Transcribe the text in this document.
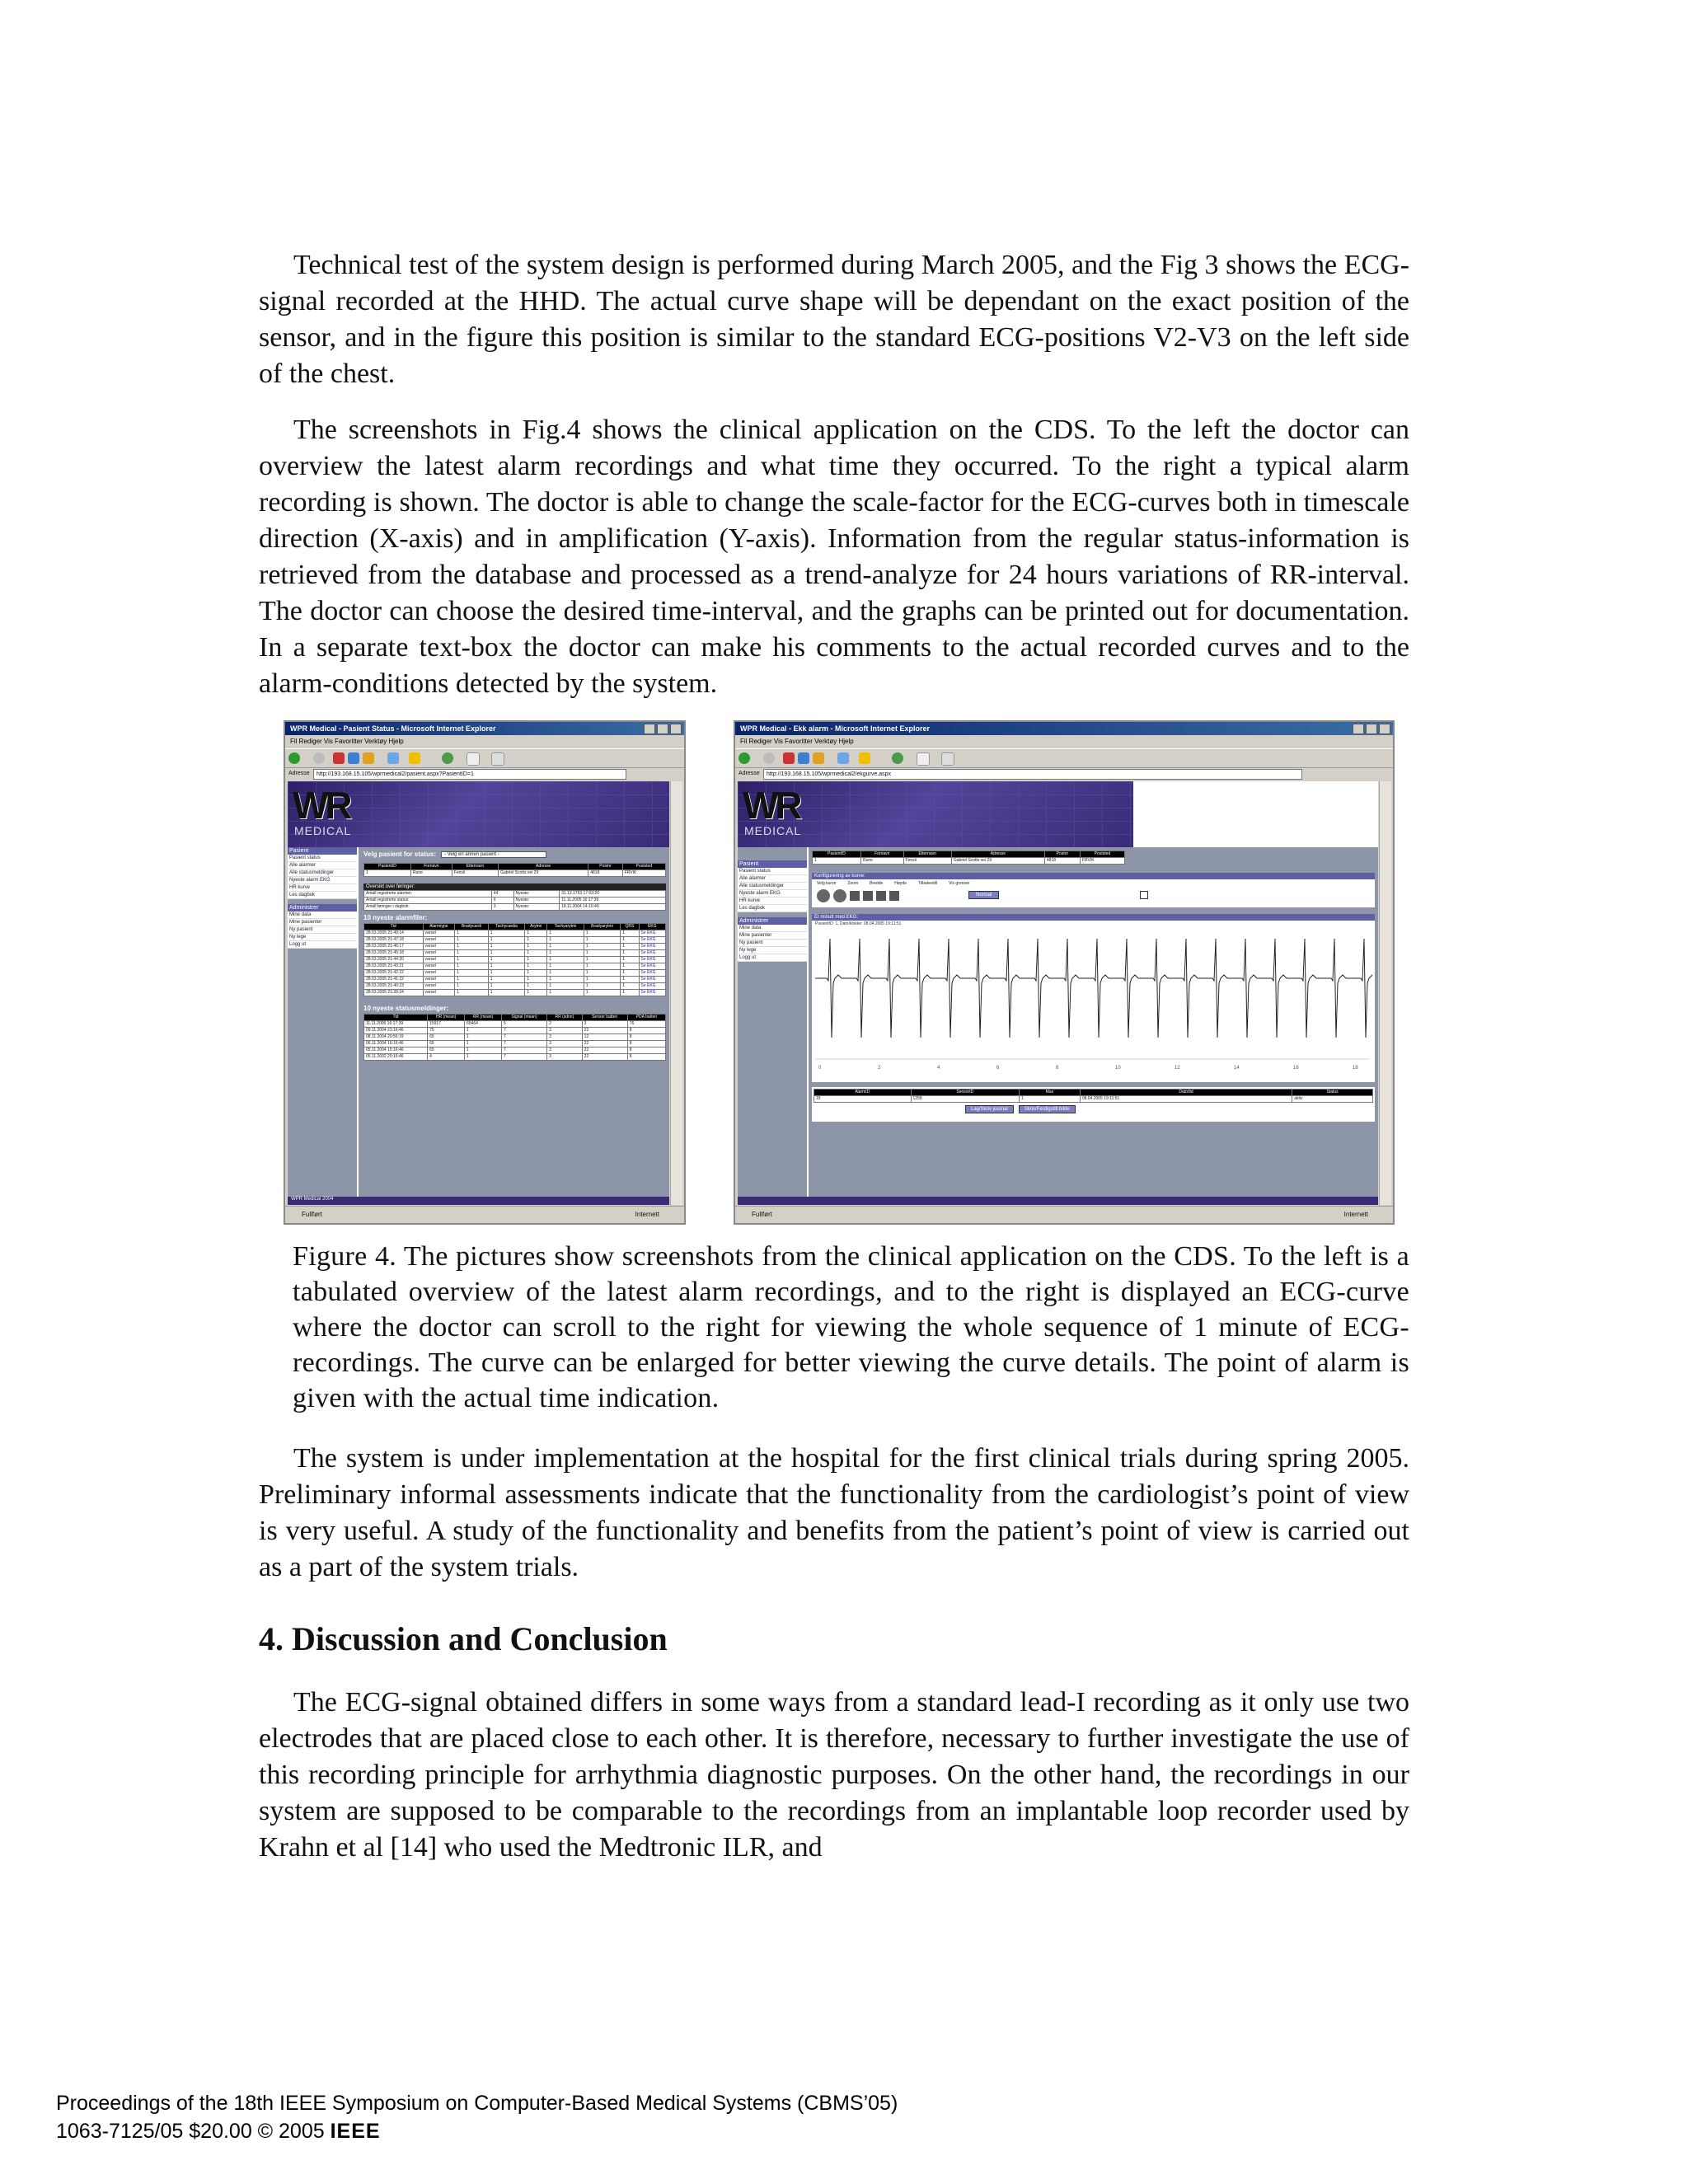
Technical test of the system design is performed during March 2005, and the Fig 3 shows the ECG-signal recorded at the HHD. The actual curve shape will be dependant on the exact position of the sensor, and in the figure this position is similar to the standard ECG-positions V2-V3 on the left side of the chest.

The screenshots in Fig.4 shows the clinical application on the CDS. To the left the doctor can overview the latest alarm recordings and what time they occurred. To the right a typical alarm recording is shown. The doctor is able to change the scale-factor for the ECG-curves both in timescale direction (X-axis) and in amplification (Y-axis). Information from the regular status-information is retrieved from the database and processed as a trend-analyze for 24 hours variations of RR-interval. The doctor can choose the desired time-interval, and the graphs can be printed out for documentation. In a separate text-box the doctor can make his comments to the actual recorded curves and to the alarm-conditions detected by the system.

WPR Medical - Pasient Status - Microsoft Internet Explorer
Fil Rediger Vis Favoritter Verktøy Hjelp
Adresse	http://193.168.15.105/wprmedical2/pasient.aspx?PasientID=1
WR
MEDICAL
Pasient
Pasient status
Alle alarmer
Alle statusmeldinger
Nyeste alarm EKG
HR kurve
Les dagbok
Administrer
Mine data
Mine pasienter
Ny pasient
Ny lege
Logg ut
Velg pasient for status:	- Velg en annen pasient -
PasientID	Fornavn	Etternavn	Adresse	Postnr	Poststed
1	Rune	Fensli	Gabriel Scotts vei 29	4818	FRVIK
Oversikt over føringer:
Antall registrerte alarmer:	44	Nyeste:	31.12.1753 17:03:20
Antall registrerte status:	6	Nyeste:	11.11.2005 16:17:39
Antall føringer i dagbok:	3	Nyeste:	18.11.2004 14:10:46
10 nyeste alarmfiler:
Tid	Alarmtype	Bradycardi	Tachycardia	Arytmi	Tachyarytmi	Bradyarytmi	QRS	EKG
28.03.2005 21:49:14	varsel	1	1	1	1	1	1	Se EKG
28.03.2005 21:47:18	varsel	1	1	1	1	1	1	Se EKG
28.03.2005 21:46:17	varsel	1	1	1	1	1	1	Se EKG
28.03.2005 21:45:18	varsel	1	1	1	1	1	1	Se EKG
28.03.2005 21:44:20	varsel	1	1	1	1	1	1	Se EKG
28.03.2005 21:43:21	varsel	1	1	1	1	1	1	Se EKG
28.03.2005 21:42:22	varsel	1	1	1	1	1	1	Se EKG
28.03.2005 21:41:22	varsel	1	1	1	1	1	1	Se EKG
28.03.2005 21:40:23	varsel	1	1	1	1	1	1	Se EKG
28.03.2005 21:39:24	varsel	1	1	1	1	1	1	Se EKG
10 nyeste statusmeldinger:
Tid	HR (mean)	RR (mean)	Signal (mean)	RR (sdnn)	Sensor batteri	PDA batteri
11.11.2005 16:17:39	15917	65464	5	2	3	76
09.11.2004 23:16:46	75	1	7	3	22	8
08.11.2004 20:56:19	65	1	7	3	12	8
06.11.2004 16:16:46	65	1	7	3	22	8
05.11.2004 15:16:46	65	1	7	3	22	8
05.11.2002 20:16:46	4	1	7	3	22	8
WPR Medical 2004
Fullført	Internett
WPR Medical - Ekk alarm - Microsoft Internet Explorer
Fil Rediger Vis Favoritter Verktøy Hjelp
Adresse	http://193.168.15.105/wprmedical2/ekgurve.aspx
WR
MEDICAL
Pasient
Pasient status
Alle alarmer
Alle statusmeldinger
Nyeste alarm EKG
HR kurve
Les dagbok
Administrer
Mine data
Mine pasienter
Ny pasient
Ny lege
Logg ut
PasientID	Fornavn	Etternavn	Adresse	Postnr	Poststed
1	Rune	Fensli	Gabriel Scotts vei 29	4818	FRVIK
Konfigurering av kurve:
Velg kurve	Zoom	Bredde	Høyde	Tilbakestill	Vis grenser
Normal
Et minutt med EKG:
PasientID: 1, Dato/klokke: 08.04.2005 19:11:51
0	2	4	6	8	10	12	14	16	18
AlarmID	SensorID	Max	Dato/tid	Status
15	1258	1	08.04.2005 19:11:51	aktiv
Lag/Skriv journal	Skriv/Ferdigstill bilde
Fullført	Internett

Figure 4. The pictures show screenshots from the clinical application on the CDS. To the left is a tabulated overview of the latest alarm recordings, and to the right is displayed an ECG-curve where the doctor can scroll to the right for viewing the whole sequence of 1 minute of ECG-recordings. The curve can be enlarged for better viewing the curve details. The point of alarm is given with the actual time indication.

The system is under implementation at the hospital for the first clinical trials during spring 2005. Preliminary informal assessments indicate that the functionality from the cardiologist’s point of view is very useful. A study of the functionality and benefits from the patient’s point of view is carried out as a part of the system trials.

4. Discussion and Conclusion

The ECG-signal obtained differs in some ways from a standard lead-I recording as it only use two electrodes that are placed close to each other. It is therefore, necessary to further investigate the use of this recording principle for arrhythmia diagnostic purposes. On the other hand, the recordings in our system are supposed to be comparable to the recordings from an implantable loop recorder used by Krahn et al [14] who used the Medtronic ILR, and

Proceedings of the 18th IEEE Symposium on Computer-Based Medical Systems (CBMS’05)
1063-7125/05 $20.00 © 2005 IEEE
